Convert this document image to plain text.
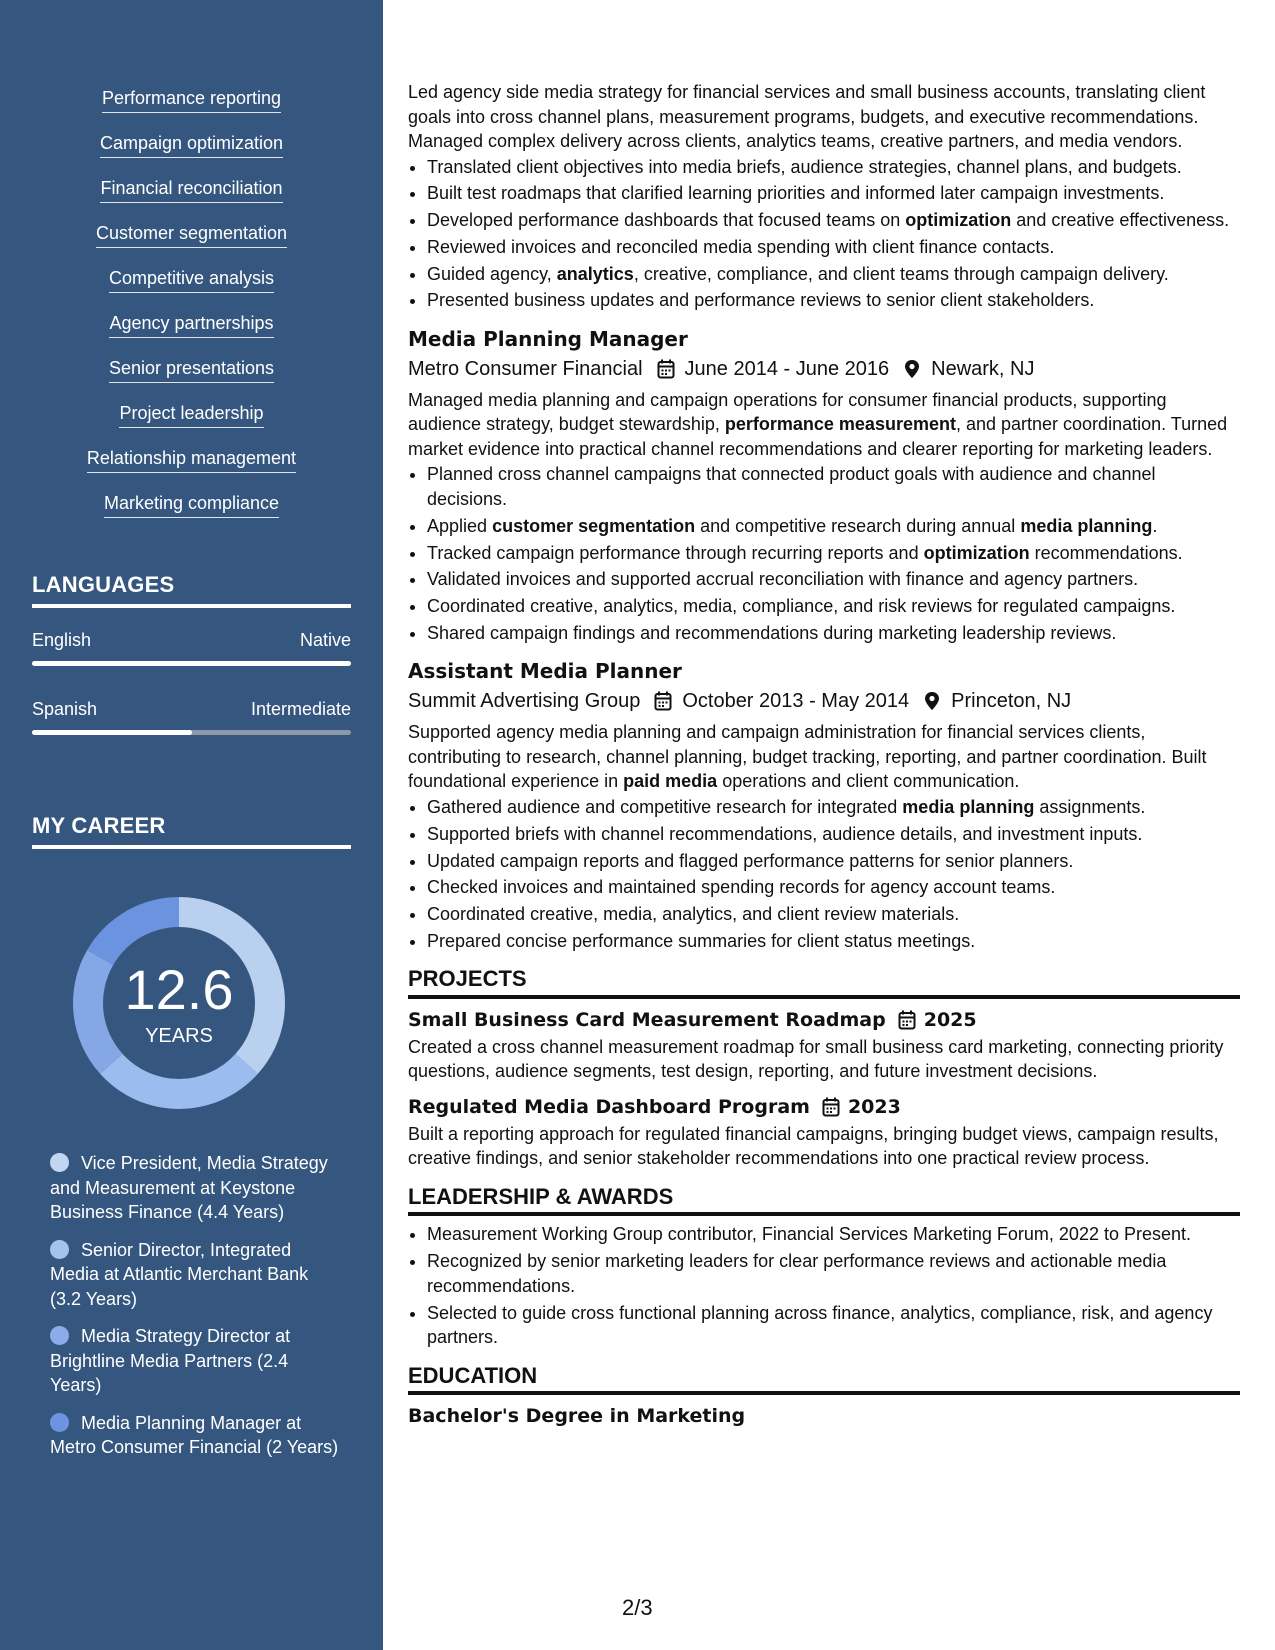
Performance reporting
Campaign optimization
Financial reconciliation
Customer segmentation
Competitive analysis
Agency partnerships
Senior presentations
Project leadership
Relationship management
Marketing compliance
LANGUAGES
English	Native
Spanish	Intermediate
MY CAREER
12.6
YEARS
Vice President, Media Strategy and Measurement at Keystone Business Finance (4.4 Years)
Senior Director, Integrated Media at Atlantic Merchant Bank (3.2 Years)
Media Strategy Director at Brightline Media Partners (2.4 Years)
Media Planning Manager at Metro Consumer Financial (2 Years)

Led agency side media strategy for financial services and small business accounts, translating client goals into cross channel plans, measurement programs, budgets, and executive recommendations. Managed complex delivery across clients, analytics teams, creative partners, and media vendors.

• Translated client objectives into media briefs, audience strategies, channel plans, and budgets.
• Built test roadmaps that clarified learning priorities and informed later campaign investments.
• Developed performance dashboards that focused teams on optimization and creative effectiveness.
• Reviewed invoices and reconciled media spending with client finance contacts.
• Guided agency, analytics, creative, compliance, and client teams through campaign delivery.
• Presented business updates and performance reviews to senior client stakeholders.
Media Planning Manager
Metro Consumer Financial June 2014 - June 2016 Newark, NJ

Managed media planning and campaign operations for consumer financial products, supporting audience strategy, budget stewardship, performance measurement, and partner coordination. Turned market evidence into practical channel recommendations and clearer reporting for marketing leaders.

• Planned cross channel campaigns that connected product goals with audience and channel decisions.
• Applied customer segmentation and competitive research during annual media planning.
• Tracked campaign performance through recurring reports and optimization recommendations.
• Validated invoices and supported accrual reconciliation with finance and agency partners.
• Coordinated creative, analytics, media, compliance, and risk reviews for regulated campaigns.
• Shared campaign findings and recommendations during marketing leadership reviews.
Assistant Media Planner
Summit Advertising Group October 2013 - May 2014 Princeton, NJ

Supported agency media planning and campaign administration for financial services clients, contributing to research, channel planning, budget tracking, reporting, and partner coordination. Built foundational experience in paid media operations and client communication.

• Gathered audience and competitive research for integrated media planning assignments.
• Supported briefs with channel recommendations, audience details, and investment inputs.
• Updated campaign reports and flagged performance patterns for senior planners.
• Checked invoices and maintained spending records for agency account teams.
• Coordinated creative, media, analytics, and client review materials.
• Prepared concise performance summaries for client status meetings.
PROJECTS
Small Business Card Measurement Roadmap 2025

Created a cross channel measurement roadmap for small business card marketing, connecting priority questions, audience segments, test design, reporting, and future investment decisions.

Regulated Media Dashboard Program 2023

Built a reporting approach for regulated financial campaigns, bringing budget views, campaign results, creative findings, and senior stakeholder recommendations into one practical review process.

LEADERSHIP & AWARDS
• Measurement Working Group contributor, Financial Services Marketing Forum, 2022 to Present.
• Recognized by senior marketing leaders for clear performance reviews and actionable media recommendations.
• Selected to guide cross functional planning across finance, analytics, compliance, risk, and agency partners.
EDUCATION
Bachelor's Degree in Marketing
2/3
